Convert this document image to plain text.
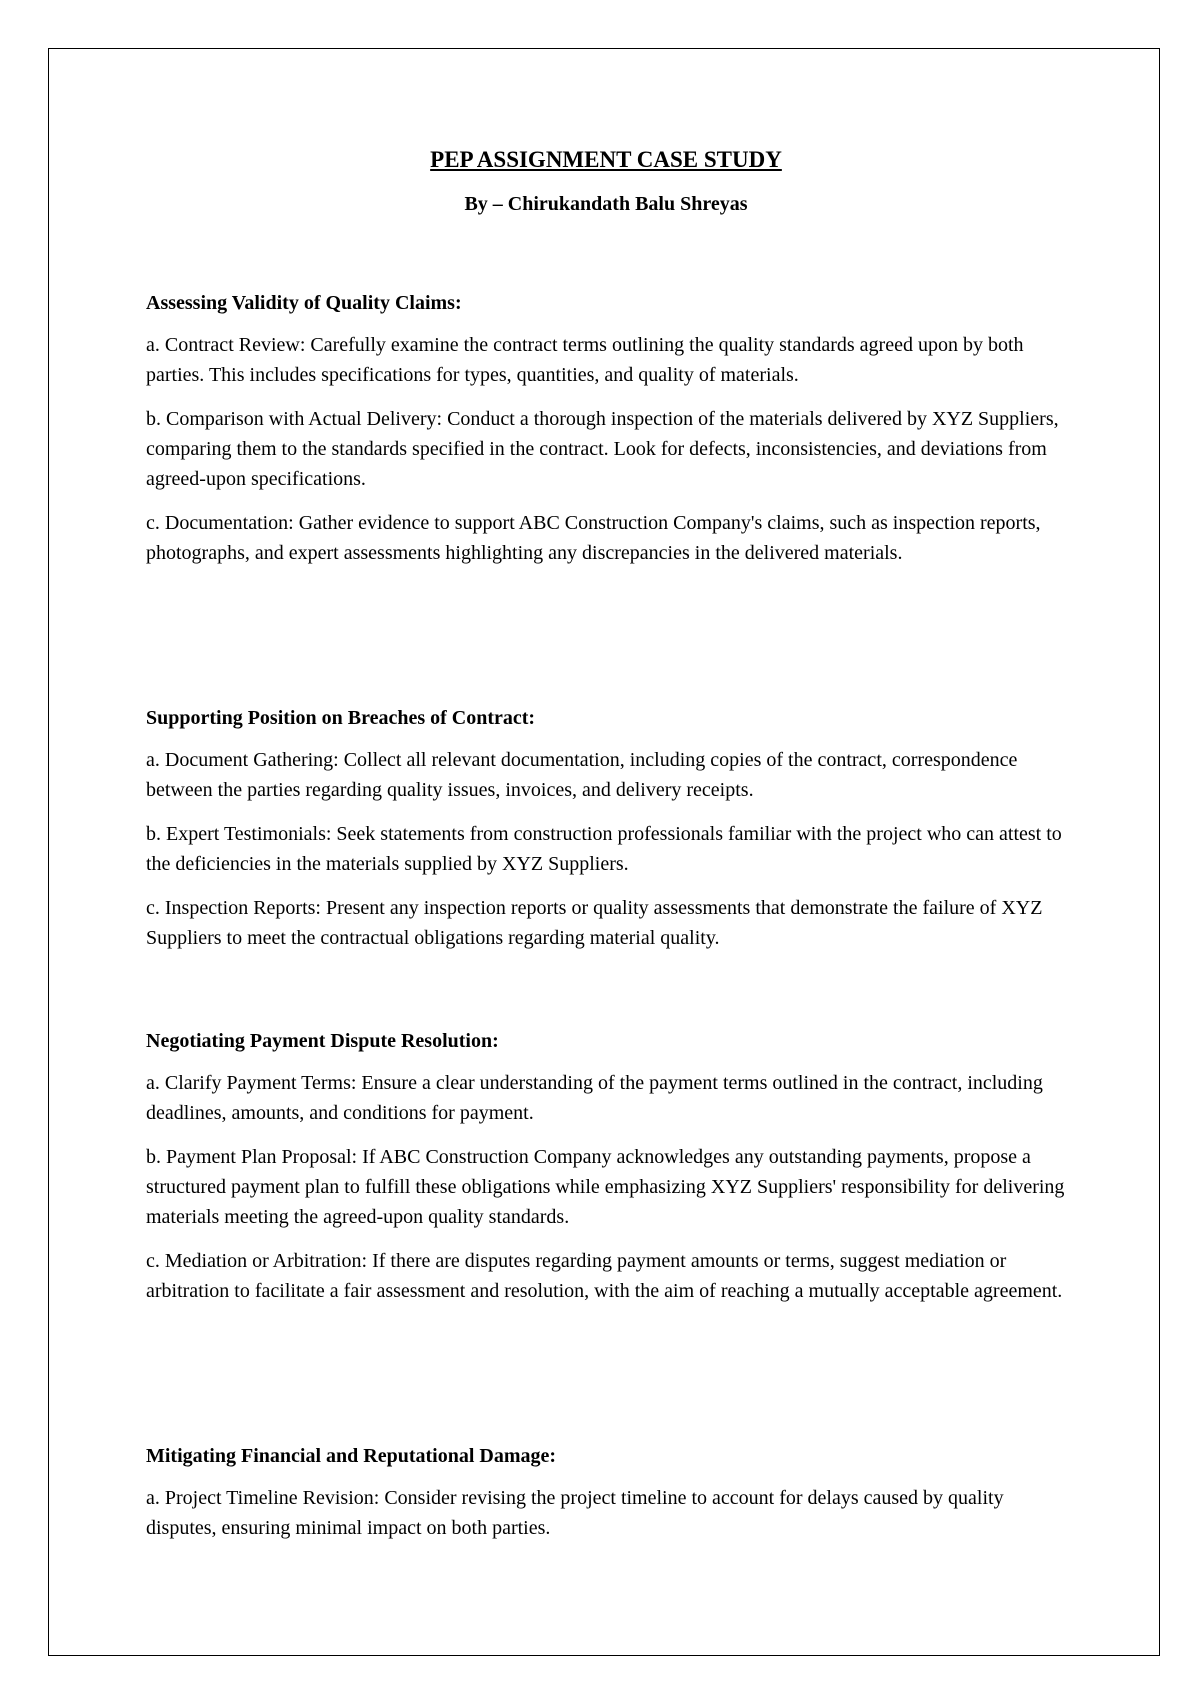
PEP ASSIGNMENT CASE STUDY

By – Chirukandath Balu Shreyas

Assessing Validity of Quality Claims:

a. Contract Review: Carefully examine the contract terms outlining the quality standards agreed upon by both parties. This includes specifications for types, quantities, and quality of materials.

b. Comparison with Actual Delivery: Conduct a thorough inspection of the materials delivered by XYZ Suppliers, comparing them to the standards specified in the contract. Look for defects, inconsistencies, and deviations from agreed-upon specifications.

c. Documentation: Gather evidence to support ABC Construction Company's claims, such as inspection reports, photographs, and expert assessments highlighting any discrepancies in the delivered materials.

Supporting Position on Breaches of Contract:

a. Document Gathering: Collect all relevant documentation, including copies of the contract, correspondence between the parties regarding quality issues, invoices, and delivery receipts.

b. Expert Testimonials: Seek statements from construction professionals familiar with the project who can attest to the deficiencies in the materials supplied by XYZ Suppliers.

c. Inspection Reports: Present any inspection reports or quality assessments that demonstrate the failure of XYZ Suppliers to meet the contractual obligations regarding material quality.

Negotiating Payment Dispute Resolution:

a. Clarify Payment Terms: Ensure a clear understanding of the payment terms outlined in the contract, including deadlines, amounts, and conditions for payment.

b. Payment Plan Proposal: If ABC Construction Company acknowledges any outstanding payments, propose a structured payment plan to fulfill these obligations while emphasizing XYZ Suppliers' responsibility for delivering materials meeting the agreed-upon quality standards.

c. Mediation or Arbitration: If there are disputes regarding payment amounts or terms, suggest mediation or arbitration to facilitate a fair assessment and resolution, with the aim of reaching a mutually acceptable agreement.

Mitigating Financial and Reputational Damage:

a. Project Timeline Revision: Consider revising the project timeline to account for delays caused by quality disputes, ensuring minimal impact on both parties.
